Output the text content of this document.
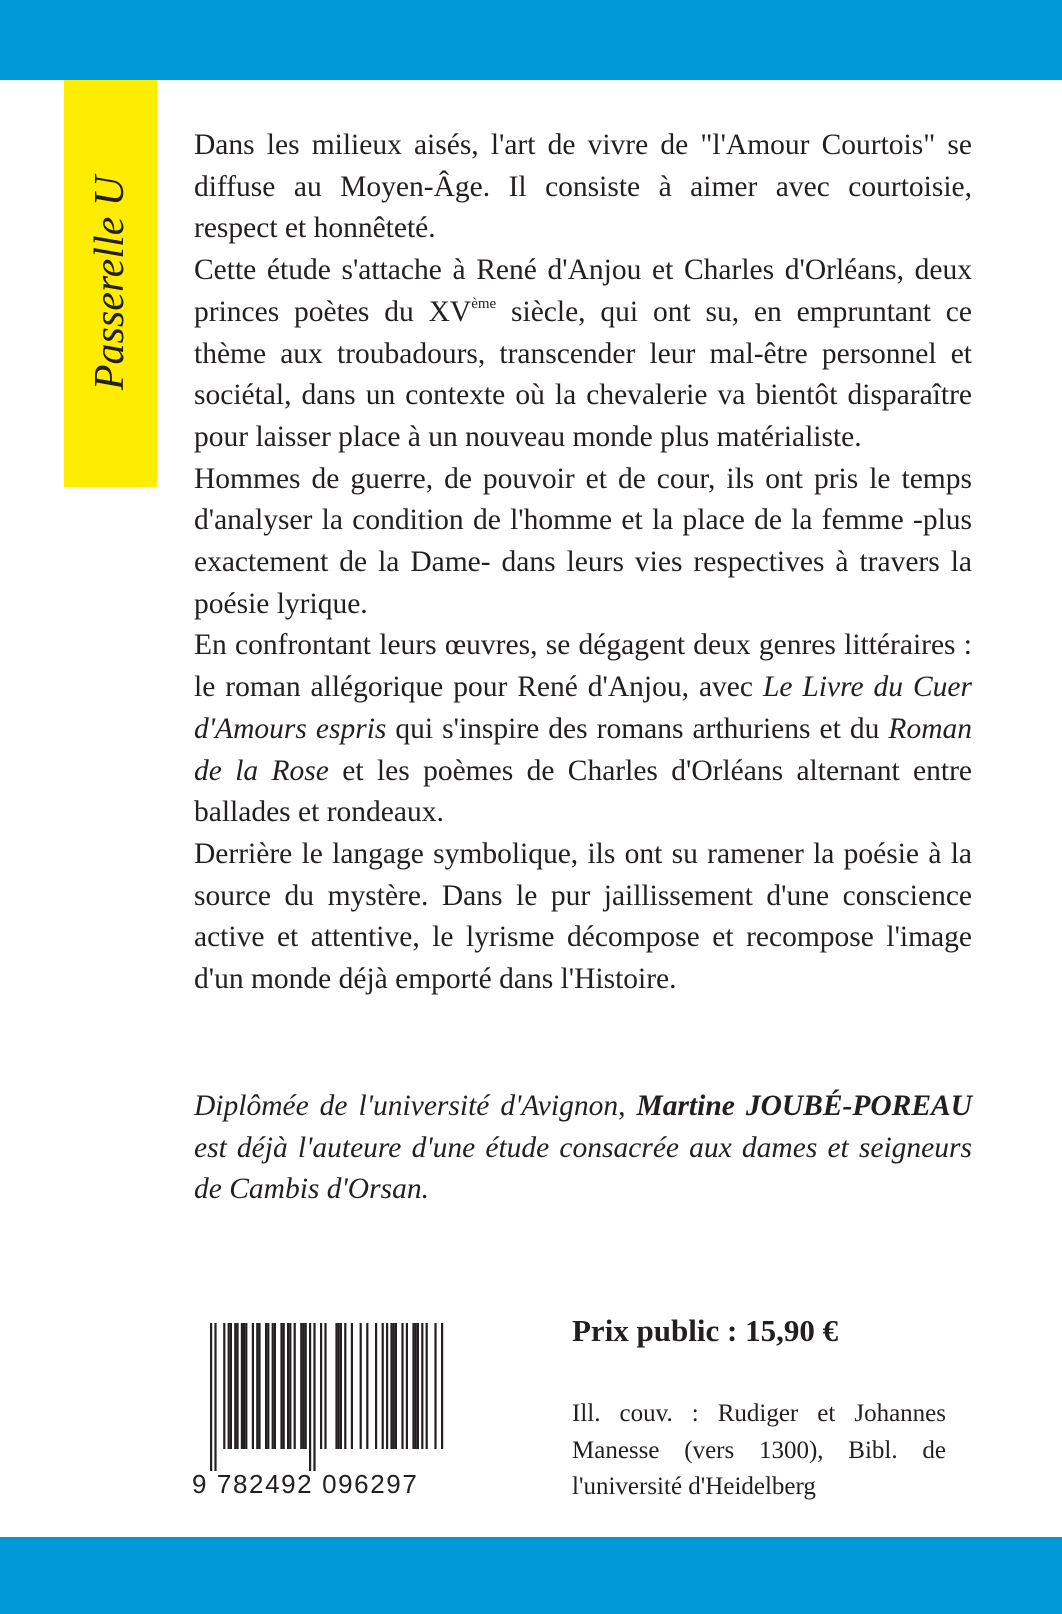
Passerelle U

Dans les milieux aisés, l'art de vivre de "l'Amour Courtois" se diffuse au Moyen-Âge. Il consiste à aimer avec courtoisie, respect et honnêteté.

Cette étude s'attache à René d'Anjou et Charles d'Orléans, deux princes poètes du XVème siècle, qui ont su, en empruntant ce thème aux troubadours, transcender leur mal-être personnel et sociétal, dans un contexte où la chevalerie va bientôt disparaître pour laisser place à un nouveau monde plus matérialiste.

Hommes de guerre, de pouvoir et de cour, ils ont pris le temps d'analyser la condition de l'homme et la place de la femme -plus exactement de la Dame- dans leurs vies respectives à travers la poésie lyrique.

En confrontant leurs œuvres, se dégagent deux genres littéraires : le roman allégorique pour René d'Anjou, avec Le Livre du Cuer d'Amours espris qui s'inspire des romans arthuriens et du Roman de la Rose et les poèmes de Charles d'Orléans alternant entre ballades et rondeaux.

Derrière le langage symbolique, ils ont su ramener la poésie à la source du mystère. Dans le pur jaillissement d'une conscience active et attentive, le lyrisme décompose et recompose l'image d'un monde déjà emporté dans l'Histoire.

Diplômée de l'université d'Avignon, Martine JOUBÉ-POREAU est déjà l'auteure d'une étude consacrée aux dames et seigneurs de Cambis d'Orsan.

9 782492 096297
Prix public : 15,90 €

Ill. couv. : Rudiger et Johannes Manesse (vers 1300), Bibl. de l'université d'Heidelberg
